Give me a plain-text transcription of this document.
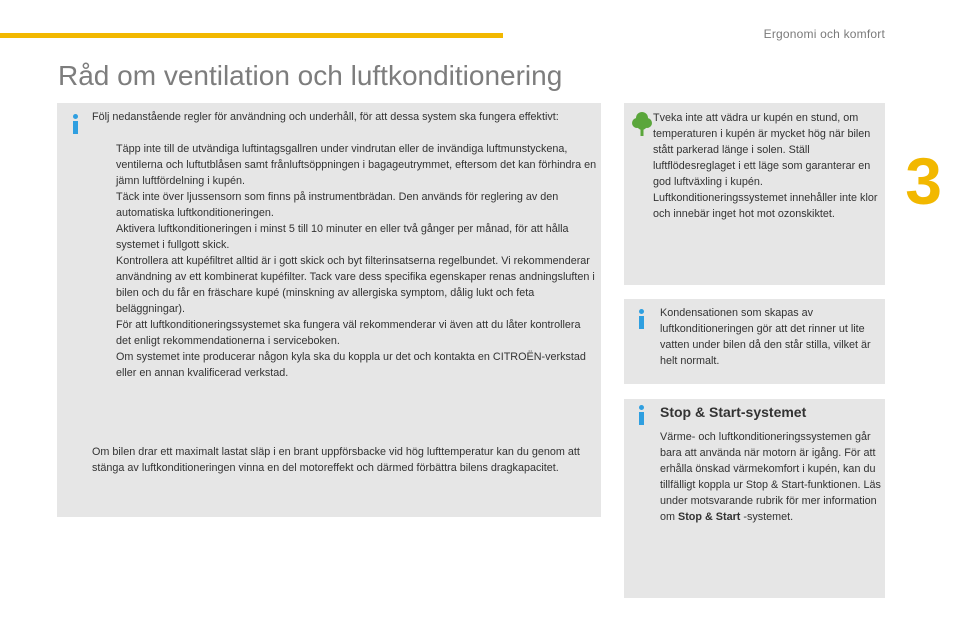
Ergonomi och komfort
3
Råd om ventilation och luftkonditionering
Följ nedanstående regler för användning och underhåll, för att dessa system ska fungera effektivt:
Täpp inte till de utvändiga luftintagsgallren under vindrutan eller de invändiga luftmunstyckena, ventilerna och luftutblåsen samt frånluftsöppningen i bagageutrymmet, eftersom det kan förhindra en jämn luftfördelning i kupén.
Täck inte över ljussensorn som finns på instrumentbrädan. Den används för reglering av den automatiska luftkonditioneringen.
Aktivera luftkonditioneringen i minst 5 till 10 minuter en eller två gånger per månad, för att hålla systemet i fullgott skick.
Kontrollera att kupéfiltret alltid är i gott skick och byt filterinsatserna regelbundet. Vi rekommenderar användning av ett kombinerat kupéfilter. Tack vare dess specifika egenskaper renas andningsluften i bilen och du får en fräschare kupé (minskning av allergiska symptom, dålig lukt och feta beläggningar).
För att luftkonditioneringssystemet ska fungera väl rekommenderar vi även att du låter kontrollera det enligt rekommendationerna i serviceboken.
Om systemet inte producerar någon kyla ska du koppla ur det och kontakta en CITROËN-verkstad eller en annan kvalificerad verkstad.
Om bilen drar ett maximalt lastat släp i en brant uppförsbacke vid hög lufttemperatur kan du genom att stänga av luftkonditioneringen vinna en del motoreffekt och därmed förbättra bilens dragkapacitet.
Tveka inte att vädra ur kupén en stund, om temperaturen i kupén är mycket hög när bilen stått parkerad länge i solen. Ställ luftflödesreglaget i ett läge som garanterar en god luftväxling i kupén. Luftkonditioneringssystemet innehåller inte klor och innebär inget hot mot ozonskiktet.
Kondensationen som skapas av luftkonditioneringen gör att det rinner ut lite vatten under bilen då den står stilla, vilket är helt normalt.
Stop & Start-systemet
Värme- och luftkonditioneringssystemen går bara att använda när motorn är igång. För att erhålla önskad värmekomfort i kupén, kan du tillfälligt koppla ur Stop & Start-funktionen. Läs under motsvarande rubrik för mer information om Stop & Start -systemet.
